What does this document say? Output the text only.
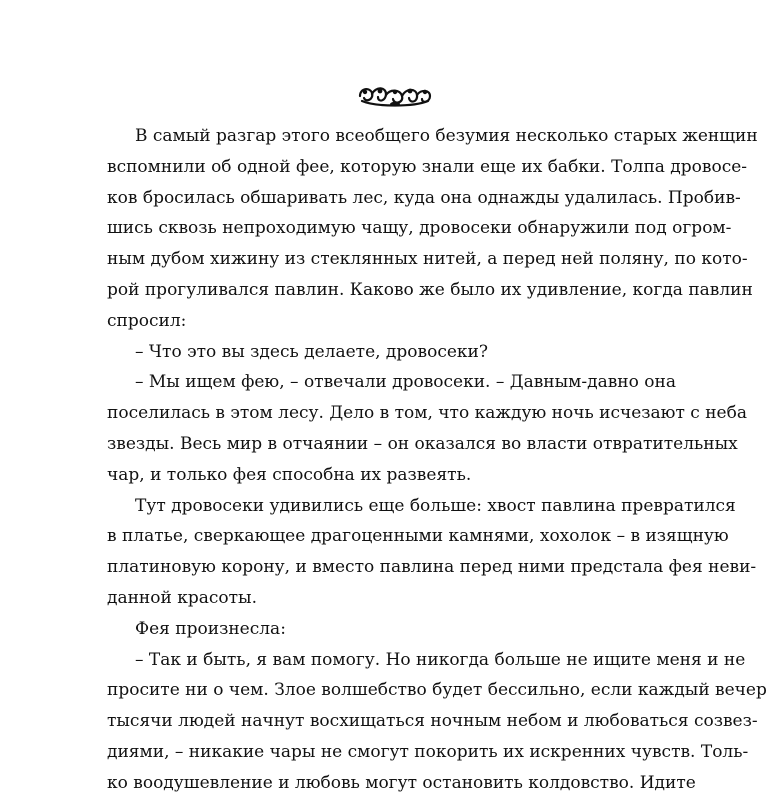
В самый разгар этого всеобщего безумия несколько старых женщин
вспомнили об одной фее, которую знали еще их бабки. Толпа дровосе-
ков бросилась обшаривать лес, куда она однажды удалилась. Пробив-
шись сквозь непроходимую чащу, дровосеки обнаружили под огром-
ным дубом хижину из стеклянных нитей, а перед ней поляну, по кото-
рой прогуливался павлин. Каково же было их удивление, когда павлин
спросил:
– Что это вы здесь делаете, дровосеки?
– Мы ищем фею, – отвечали дровосеки. – Давным-давно она
поселилась в этом лесу. Дело в том, что каждую ночь исчезают с неба
звезды. Весь мир в отчаянии – он оказался во власти отвратительных
чар, и только фея способна их развеять.
Тут дровосеки удивились еще больше: хвост павлина превратился
в платье, сверкающее драгоценными камнями, хохолок – в изящную
платиновую корону, и вместо павлина перед ними предстала фея неви-
данной красоты.
Фея произнесла:
– Так и быть, я вам помогу. Но никогда больше не ищите меня и не
просите ни о чем. Злое волшебство будет бессильно, если каждый вечер
тысячи людей начнут восхищаться ночным небом и любоваться созвез-
диями, – никакие чары не смогут покорить их искренних чувств. Толь-
ко воодушевление и любовь могут остановить колдовство. Идите
